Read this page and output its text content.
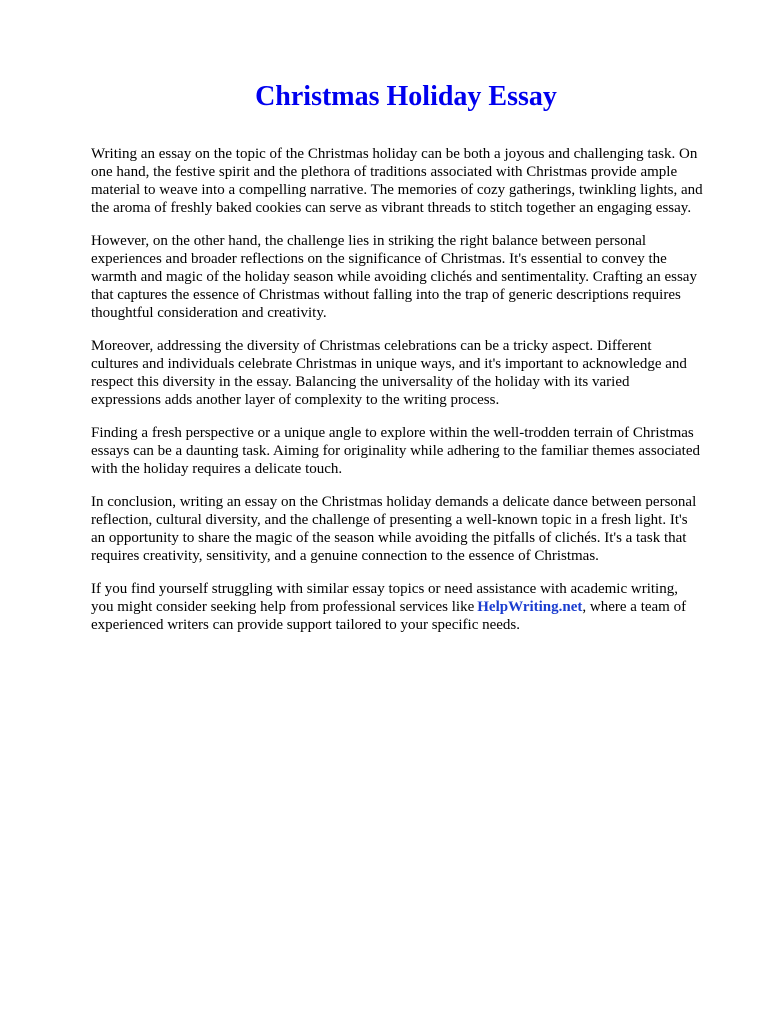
Christmas Holiday Essay

Writing an essay on the topic of the Christmas holiday can be both a joyous and challenging task. On
one hand, the festive spirit and the plethora of traditions associated with Christmas provide ample
material to weave into a compelling narrative. The memories of cozy gatherings, twinkling lights, and
the aroma of freshly baked cookies can serve as vibrant threads to stitch together an engaging essay.

However, on the other hand, the challenge lies in striking the right balance between personal
experiences and broader reflections on the significance of Christmas. It's essential to convey the
warmth and magic of the holiday season while avoiding clichés and sentimentality. Crafting an essay
that captures the essence of Christmas without falling into the trap of generic descriptions requires
thoughtful consideration and creativity.

Moreover, addressing the diversity of Christmas celebrations can be a tricky aspect. Different
cultures and individuals celebrate Christmas in unique ways, and it's important to acknowledge and
respect this diversity in the essay. Balancing the universality of the holiday with its varied
expressions adds another layer of complexity to the writing process.

Finding a fresh perspective or a unique angle to explore within the well-trodden terrain of Christmas
essays can be a daunting task. Aiming for originality while adhering to the familiar themes associated
with the holiday requires a delicate touch.

In conclusion, writing an essay on the Christmas holiday demands a delicate dance between personal
reflection, cultural diversity, and the challenge of presenting a well-known topic in a fresh light. It's
an opportunity to share the magic of the season while avoiding the pitfalls of clichés. It's a task that
requires creativity, sensitivity, and a genuine connection to the essence of Christmas.

If you find yourself struggling with similar essay topics or need assistance with academic writing,
you might consider seeking help from professional services like HelpWriting.net, where a team of
experienced writers can provide support tailored to your specific needs.
